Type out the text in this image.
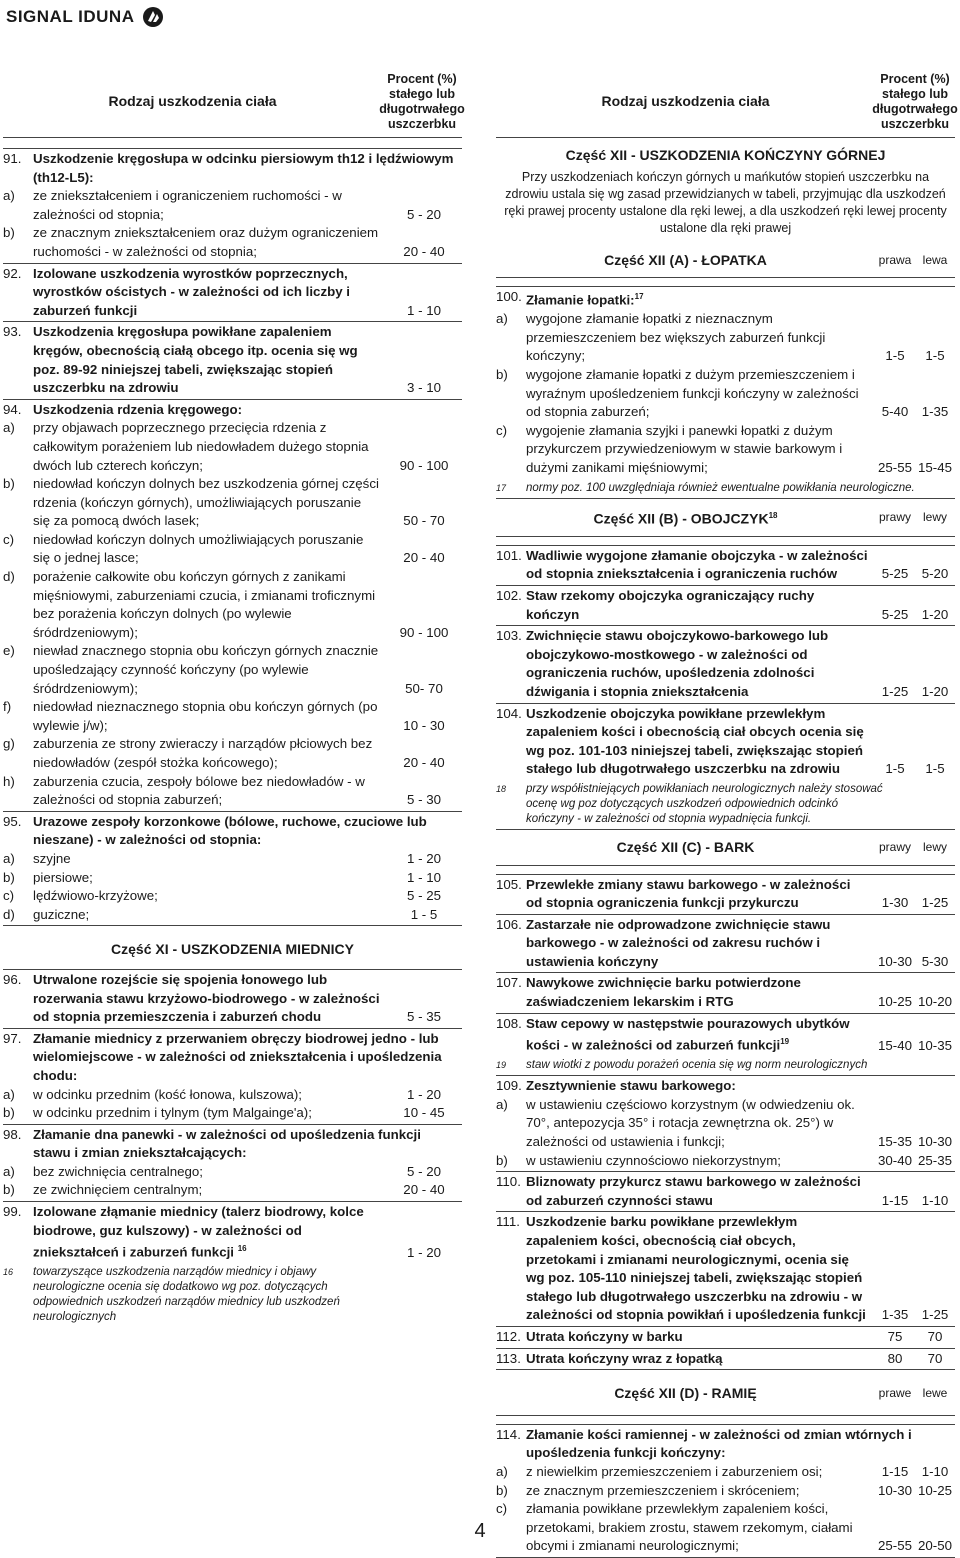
SIGNAL IDUNA
Rodzaj uszkodzenia ciała
Procent (%) stałego lub długotrwałego uszczerbku
91. Uszkodzenie kręgosłupa w odcinku piersiowym th12 i lędźwiowym (th12-L5):
a)	ze zniekształceniem i ograniczeniem ruchomości - w zależności od stopnia;	5 - 20
b)	ze znacznym zniekształceniem oraz dużym ograniczeniem ruchomości - w zależności od stopnia;	20 - 40
92. Izolowane uszkodzenia wyrostków poprzecznych, wyrostków ościstych - w zależności od ich liczby i zaburzeń funkcji	1 - 10
93. Uszkodzenia kręgosłupa powikłane zapaleniem kręgów, obecnością ciałą obcego itp. ocenia się wg poz. 89-92 niniejszej tabeli, zwiększając stopień uszczerbku na zdrowiu	3 - 10
94. Uszkodzenia rdzenia kręgowego:
a)	przy objawach poprzecznego przecięcia rdzenia z całkowitym porażeniem lub niedowładem dużego stopnia dwóch lub czterech kończyn;	90 - 100
b)	niedowład kończyn dolnych bez uszkodzenia górnej części rdzenia (kończyn górnych), umożliwiających poruszanie się za pomocą dwóch lasek;	50 - 70
c)	niedowład kończyn dolnych umożliwiających poruszanie się o jednej lasce;	20 - 40
d)	porażenie całkowite obu kończyn górnych z zanikami mięśniowymi, zaburzeniami czucia, i zmianami troficznymi bez porażenia kończyn dolnych (po wylewie śródrdzeniowym);	90 - 100
e)	niewład znacznego stopnia obu kończyn górnych znacznie upośledzający czynność kończyny (po wylewie śródrdzeniowym);	50- 70
f)	niedowład nieznacznego stopnia obu kończyn górnych (po wylewie j/w);	10 - 30
g)	zaburzenia ze strony zwieraczy i narządów płciowych bez niedowładów (zespół stożka końcowego);	20 - 40
h)	zaburzenia czucia, zespoły bólowe bez niedowładów - w zależności od stopnia zaburzeń;	5 - 30
95. Urazowe zespoły korzonkowe (bólowe, ruchowe, czuciowe lub nieszane) - w zależności od stopnia:
a)	szyjne	1 - 20
b)	piersiowe;	1 - 10
c)	lędźwiowo-krzyżowe;	5 - 25
d)	guziczne;	1 - 5
Część XI - USZKODZENIA MIEDNICY
96. Utrwalone rozejście się spojenia łonowego lub rozerwania stawu krzyżowo-biodrowego - w zależności od stopnia przemieszczenia i zaburzeń chodu	5 - 35
97. Złamanie miednicy z przerwaniem obręczy biodrowej jedno - lub wielomiejscowe - w zależności od zniekształcenia i upośledzenia chodu:
a)	w odcinku przednim (kość łonowa, kulszowa);	1 - 20
b)	w odcinku przednim i tylnym (tym Malgainge'a);	10 - 45
98. Złamanie dna panewki - w zależności od upośledzenia funkcji stawu i zmian zniekształcających:
a)	bez zwichnięcia centralnego;	5 - 20
b)	ze zwichnięciem centralnym;	20 - 40
99. Izolowane złąmanie miednicy (talerz biodrowy, kolce biodrowe, guz kulszowy) - w zależności od zniekształceń i zaburzeń funkcji $^{16}$	1 - 20
16	towarzyszące uszkodzenia narządów miednicy i objawy neurologiczne ocenia się dodatkowo wg poz. dotyczących odpowiednich uszkodzeń narządów miednicy lub uszkodzeń neurologicznych
Rodzaj uszkodzenia ciała
Procent (%) stałego lub długotrwałego uszczerbku
Część XII - USZKODZENIA KOŃCZYNY GÓRNEJ
Przy uszkodzeniach kończyn górnych u mańkutów stopień uszczerbku na zdrowiu ustala się wg zasad przewidzianych w tabeli, przyjmując dla uszkodzeń ręki prawej procenty ustalone dla ręki lewej, a dla uszkodzeń ręki lewej procenty ustalone dla ręki prawej
Część XII (A) - ŁOPATKA	prawa lewa
100. Złamanie łopatki:$^{17}$
a)	wygojone złamanie łopatki z nieznacznym przemieszczeniem bez większych zaburzeń funkcji kończyny;	1-5	1-5
b)	wygojone złamanie łopatki z dużym przemieszczeniem i wyraźnym upośledzeniem funkcji kończyny w zależności od stopnia zaburzeń;	5-40	1-35
c)	wygojenie złamania szyjki i panewki łopatki z dużym przykurczem przywiedzeniowym w stawie barkowym i dużymi zanikami mięśniowymi;	25-55 15-45
17	normy poz. 100 uwzględniaja również ewentualne powikłania neurologiczne.
Część XII (B) - OBOJCZYK$^{18}$	prawy lewy
101. Wadliwie wygojone złamanie obojczyka - w zależności od stopnia zniekształcenia i ograniczenia ruchów	5-25	5-20
102. Staw rzekomy obojczyka ograniczający ruchy kończyn	5-25	1-20
103. Zwichnięcie stawu obojczykowo-barkowego lub obojczykowo-mostkowego - w zależności od ograniczenia ruchów, upośledzenia zdolności dźwigania i stopnia zniekształcenia	1-25	1-20
104. Uszkodzenie obojczyka powikłane przewlekłym zapaleniem kości i obecnością ciał obcych ocenia się wg poz. 101-103 niniejszej tabeli, zwiększając stopień stałego lub długotrwałego uszczerbku na zdrowiu	1-5	1-5
18	przy współistniejących powikłaniach neurologicznych należy stosować ocenę wg poz dotyczących uszkodzeń odpowiednich odcinkó kończyny - w zależności od stopnia wypadnięcia funkcji.
Część XII (C) - BARK	prawy lewy
105. Przewlekłe zmiany stawu barkowego - w zależności od stopnia ograniczenia funkcji przykurczu	1-30	1-25
106. Zastarzałe nie odprowadzone zwichnięcie stawu barkowego - w zależności od zakresu ruchów i ustawienia kończyny	10-30 5-30
107. Nawykowe zwichnięcie barku potwierdzone zaświadczeniem lekarskim i RTG	10-25 10-20
108. Staw cepowy w następstwie pourazowych ubytków kości - w zależności od zaburzeń funkcji$^{19}$	15-40 10-35
19	staw wiotki z powodu porażeń ocenia się wg norm neurologicznych
109. Zesztywnienie stawu barkowego:
a)	w ustawieniu częściowo korzystnym (w odwiedzeniu ok. 70°, antepozycja 35° i rotacja zewnętrzna ok. 25°) w zależności od ustawienia i funkcji;	15-35 10-30
b)	w ustawieniu czynnościowo niekorzystnym;	30-40 25-35
110. Bliznowaty przykurcz stawu barkowego w zależności od zaburzeń czynności stawu	1-15	1-10
111. Uszkodzenie barku powikłane przewlekłym zapaleniem kości, obecnością ciał obcych, przetokami i zmianami neurologicznymi, ocenia się wg poz. 105-110 niniejszej tabeli, zwiększając stopień stałego lub długotrwałego uszczerbku na zdrowiu - w zależności od stopnia powikłań i upośledzenia funkcji	1-35	1-25
112. Utrata kończyny w barku	75	70
113. Utrata kończyny wraz z łopatką	80	70
Część XII (D) - RAMIĘ	prawe lewe
114. Złamanie kości ramiennej - w zależności od zmian wtórnych i upośledzenia funkcji kończyny:
a)	z niewielkim przemieszczeniem i zaburzeniem osi;	1-15	1-10
b)	ze znacznym przemieszczeniem i skróceniem;	10-30 10-25
c)	złamania powikłane przewlekłym zapaleniem kości, przetokami, brakiem zrostu, stawem rzekomym, ciałami obcymi i zmianami neurologicznymi;	25-55 20-50
4
